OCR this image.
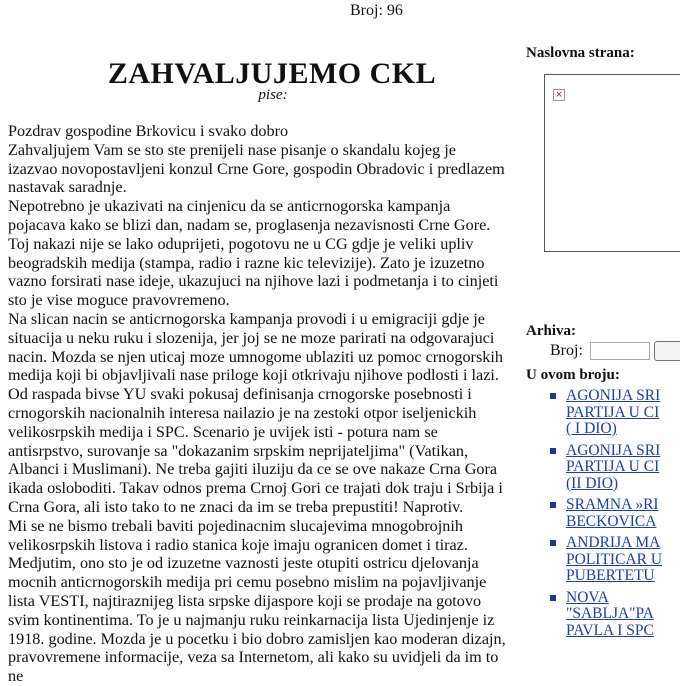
Broj: 96
ZAHVALJUJEMO CKL
pise:

Pozdrav gospodine Brkovicu i svako dobro

Zahvaljujem Vam se sto ste prenijeli nase pisanje o skandalu kojeg je izazvao novopostavljeni konzul Crne Gore, gospodin Obradovic i predlazem nastavak saradnje.

Nepotrebno je ukazivati na cinjenicu da se anticrnogorska kampanja pojacava kako se blizi dan, nadam se, proglasenja nezavisnosti Crne Gore. Toj nakazi nije se lako oduprijeti, pogotovu ne u CG gdje je veliki upliv beogradskih medija (stampa, radio i razne kic televizije). Zato je izuzetno vazno forsirati nase ideje, ukazujuci na njihove lazi i podmetanja i to cinjeti sto je vise moguce pravovremeno.

Na slican nacin se anticrnogorska kampanja provodi i u emigraciji gdje je situacija u neku ruku i slozenija, jer joj se ne moze parirati na odgovarajuci nacin. Mozda se njen uticaj moze umnogome ublaziti uz pomoc crnogorskih medija koji bi objavljivali nase priloge koji otkrivaju njihove podlosti i lazi. Od raspada bivse YU svaki pokusaj definisanja crnogorske posebnosti i crnogorskih nacionalnih interesa nailazio je na zestoki otpor iseljenickih velikosrpskih medija i SPC. Scenario je uvijek isti - potura nam se antisrpstvo, surovanje sa "dokazanim srpskim neprijateljima" (Vatikan, Albanci i Muslimani). Ne treba gajiti iluziju da ce se ove nakaze Crna Gora ikada osloboditi. Takav odnos prema Crnoj Gori ce trajati dok traju i Srbija i Crna Gora, ali isto tako to ne znaci da im se treba prepustiti! Naprotiv.

Mi se ne bismo trebali baviti pojedinacnim slucajevima mnogobrojnih velikosrpskih listova i radio stanica koje imaju ogranicen domet i tiraz. Medjutim, ono sto je od izuzetne vaznosti jeste otupiti ostricu djelovanja mocnih anticrnogorskih medija pri cemu posebno mislim na pojavljivanje lista VESTI, najtiraznijeg lista srpske dijaspore koji se prodaje na gotovo svim kontinentima. To je u najmanju ruku reinkarnacija lista Ujedinjenje iz 1918. godine. Mozda je u pocetku i bio dobro zamisljen kao moderan dizajn, pravovremene informacije, veza sa Internetom, ali kako su uvidjeli da im to ne

Naslovna strana:
×
Arhiva:
Broj:
U ovom broju:
AGONIJA SRI
PARTIJA U CI
( I DIO)
AGONIJA SRI
PARTIJA U CI
(II DIO)
SRAMNA »RI
BECKOVICA
ANDRIJA MA
POLITICAR U
PUBERTETU
NOVA
"SABLJA"PA
PAVLA I SPC
